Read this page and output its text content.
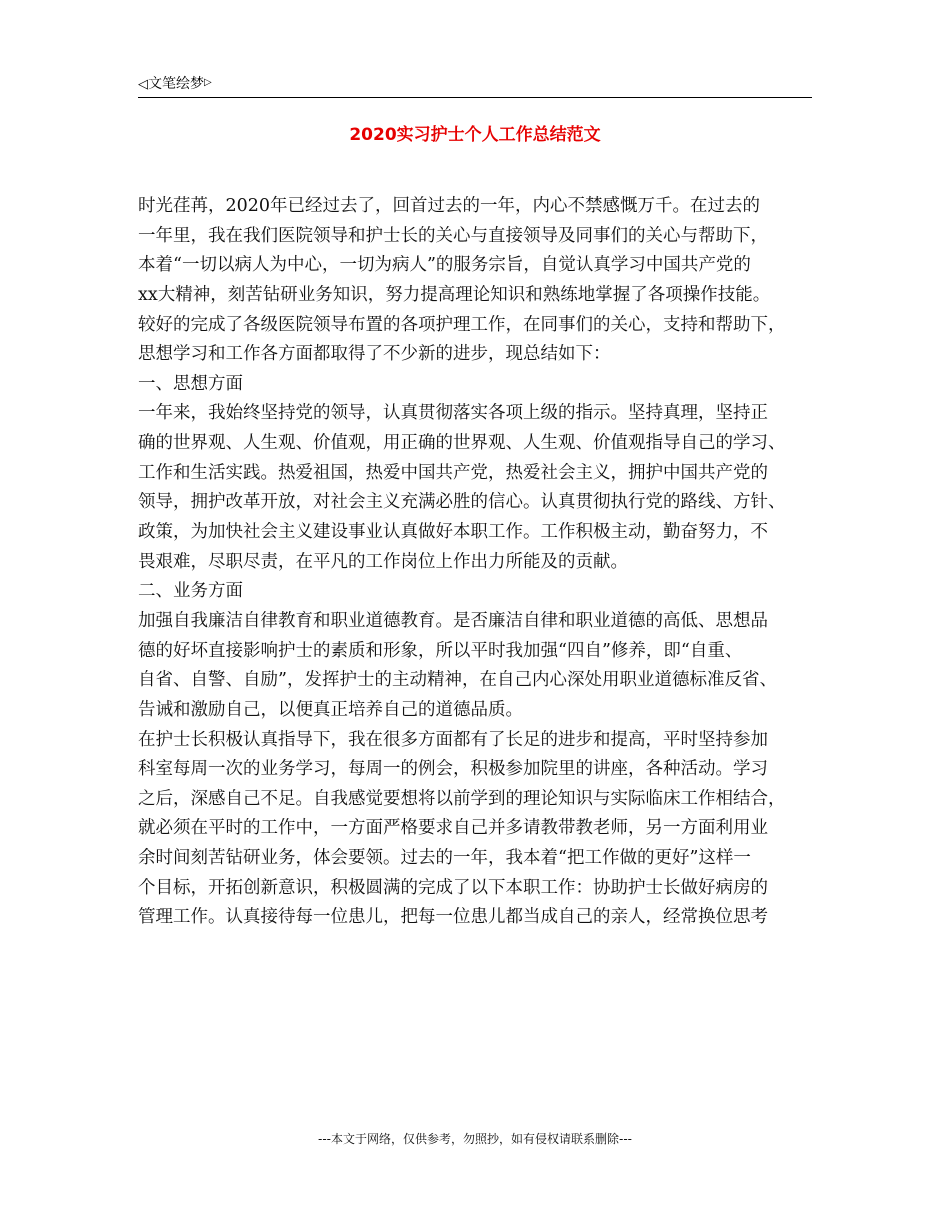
◁文笔绘梦▷
2020实习护士个人工作总结范文
时光荏苒，2020年已经过去了，回首过去的一年，内心不禁感慨万千。在过去的
一年里，我在我们医院领导和护士长的关心与直接领导及同事们的关心与帮助下，
本着“一切以病人为中心，一切为病人”的服务宗旨，自觉认真学习中国共产党的
xx大精神，刻苦钻研业务知识，努力提高理论知识和熟练地掌握了各项操作技能。
较好的完成了各级医院领导布置的各项护理工作，在同事们的关心，支持和帮助下，
思想学习和工作各方面都取得了不少新的进步，现总结如下：
一、思想方面
一年来，我始终坚持党的领导，认真贯彻落实各项上级的指示。坚持真理，坚持正
确的世界观、人生观、价值观，用正确的世界观、人生观、价值观指导自己的学习、
工作和生活实践。热爱祖国，热爱中国共产党，热爱社会主义，拥护中国共产党的
领导，拥护改革开放，对社会主义充满必胜的信心。认真贯彻执行党的路线、方针、
政策，为加快社会主义建设事业认真做好本职工作。工作积极主动，勤奋努力，不
畏艰难，尽职尽责，在平凡的工作岗位上作出力所能及的贡献。
二、业务方面
加强自我廉洁自律教育和职业道德教育。是否廉洁自律和职业道德的高低、思想品
德的好坏直接影响护士的素质和形象，所以平时我加强“四自”修养，即“自重、
自省、自警、自励”，发挥护士的主动精神，在自己内心深处用职业道德标准反省、
告诫和激励自己，以便真正培养自己的道德品质。
在护士长积极认真指导下，我在很多方面都有了长足的进步和提高，平时坚持参加
科室每周一次的业务学习，每周一的例会，积极参加院里的讲座，各种活动。学习
之后，深感自己不足。自我感觉要想将以前学到的理论知识与实际临床工作相结合，
就必须在平时的工作中，一方面严格要求自己并多请教带教老师，另一方面利用业
余时间刻苦钻研业务，体会要领。过去的一年，我本着“把工作做的更好”这样一
个目标，开拓创新意识，积极圆满的完成了以下本职工作：协助护士长做好病房的
管理工作。认真接待每一位患儿，把每一位患儿都当成自己的亲人，经常换位思考
---本文于网络，仅供参考，勿照抄，如有侵权请联系删除---
